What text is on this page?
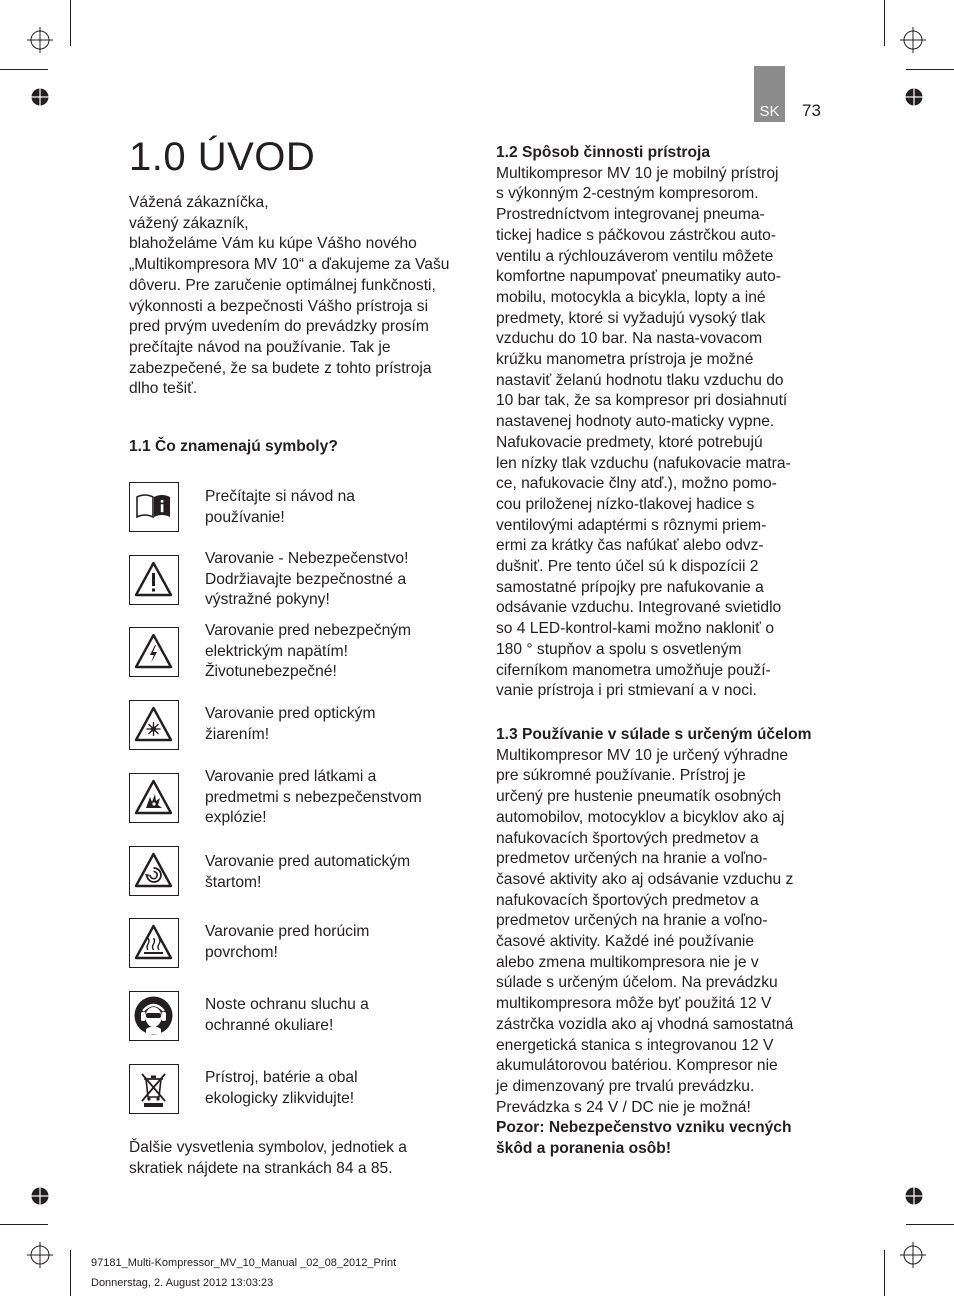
SK	73
1.0 ÚVOD
Vážená zákazníčka,
vážený zákazník,
blahoželáme Vám ku kúpe Vášho nového „Multikompresora MV 10“ a ďakujeme za Vašu dôveru. Pre zaručenie optimálnej funkčnosti, výkonnosti a bezpečnosti Vášho prístroja si pred prvým uvedením do prevádzky prosím prečítajte návod na používanie. Tak je zabezpečené, že sa budete z tohto prístroja dlho tešiť.
1.1 Čo znamenajú symboly?
Prečítajte si návod na
používanie!
Varovanie - Nebezpečenstvo!
Dodržiavajte bezpečnostné a
výstražné pokyny!
Varovanie pred nebezpečným
elektrickým napätím!
Životunebezpečné!
Varovanie pred optickým
žiarením!
Varovanie pred látkami a
predmetmi s nebezpečenstvom
explózie!
Varovanie pred automatickým
štartom!
Varovanie pred horúcim
povrchom!
Noste ochranu sluchu a
ochranné okuliare!
Prístroj, batérie a obal
ekologicky zlikvidujte!
Ďalšie vysvetlenia symbolov, jednotiek a skratiek nájdete na strankách 84 a 85.
1.2 Spôsob činnosti prístroja
Multikompresor MV 10 je mobilný prístroj
s výkonným 2-cestným kompresorom.
Prostredníctvom integrovanej pneuma-
tickej hadice s páčkovou zástrčkou auto-
ventilu a rýchlouzáverom ventilu môžete
komfortne napumpovať pneumatiky auto-
mobilu, motocykla a bicykla, lopty a iné
predmety, ktoré si vyžadujú vysoký tlak
vzduchu do 10 bar. Na nasta-vovacom
krúžku manometra prístroja je možné
nastaviť želanú hodnotu tlaku vzduchu do
10 bar tak, že sa kompresor pri dosiahnutí
nastavenej hodnoty auto-maticky vypne.
Nafukovacie predmety, ktoré potrebujú
len nízky tlak vzduchu (nafukovacie matra-
ce, nafukovacie člny atď.), možno pomo-
cou priloženej nízko-tlakovej hadice s
ventilovými adaptérmi s rôznymi priem-
ermi za krátky čas nafúkať alebo odvz-
dušniť. Pre tento účel sú k dispozícii 2
samostatné prípojky pre nafukovanie a
odsávanie vzduchu. Integrované svietidlo
so 4 LED-kontrol-kami možno nakloniť o
180 ° stupňov a spolu s osvetleným
ciferníkom manometra umožňuje použí-
vanie prístroja i pri stmievaní a v noci.
1.3 Používanie v súlade s určeným účelom
Multikompresor MV 10 je určený výhradne
pre súkromné používanie. Prístroj je
určený pre hustenie pneumatík osobných
automobilov, motocyklov a bicyklov ako aj
nafukovacích športových predmetov a
predmetov určených na hranie a voľno-
časové aktivity ako aj odsávanie vzduchu z
nafukovacích športových predmetov a
predmetov určených na hranie a voľno-
časové aktivity. Každé iné používanie
alebo zmena multikompresora nie je v
súlade s určeným účelom. Na prevádzku
multikompresora môže byť použitá 12 V
zástrčka vozidla ako aj vhodná samostatná
energetická stanica s integrovanou 12 V
akumulátorovou batériou. Kompresor nie
je dimenzovaný pre trvalú prevádzku.
Prevádzka s 24 V / DC nie je možná!
Pozor: Nebezpečenstvo vzniku vecných
škôd a poranenia osôb!
97181_Multi-Kompressor_MV_10_Manual _02_08_2012_Print
Donnerstag, 2. August 2012 13:03:23
